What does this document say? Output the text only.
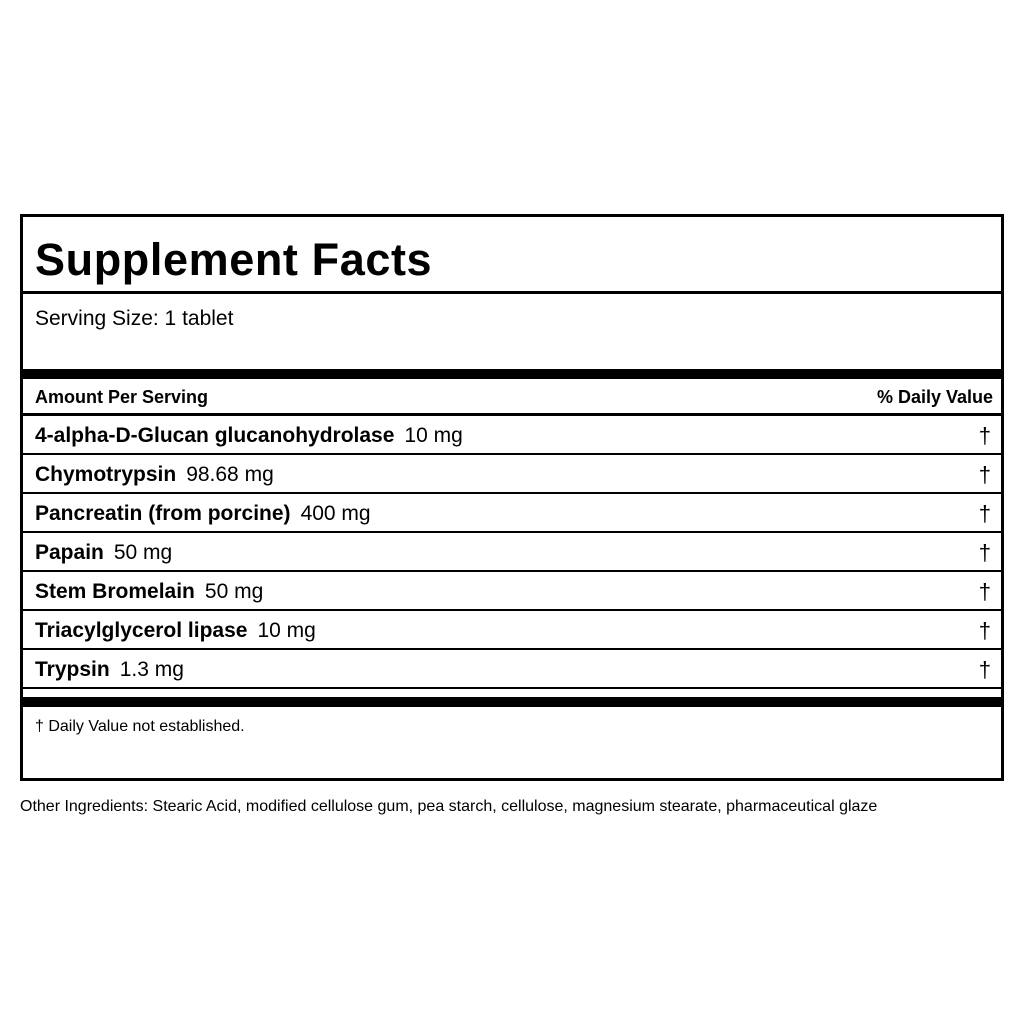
Supplement Facts
Serving Size: 1 tablet
Amount Per Serving	% Daily Value
4-alpha-D-Glucan glucanohydrolase 10 mg	†
Chymotrypsin 98.68 mg	†
Pancreatin (from porcine) 400 mg	†
Papain 50 mg	†
Stem Bromelain 50 mg	†
Triacylglycerol lipase 10 mg	†
Trypsin 1.3 mg	†
† Daily Value not established.
Other Ingredients: Stearic Acid, modified cellulose gum, pea starch, cellulose, magnesium stearate, pharmaceutical glaze
